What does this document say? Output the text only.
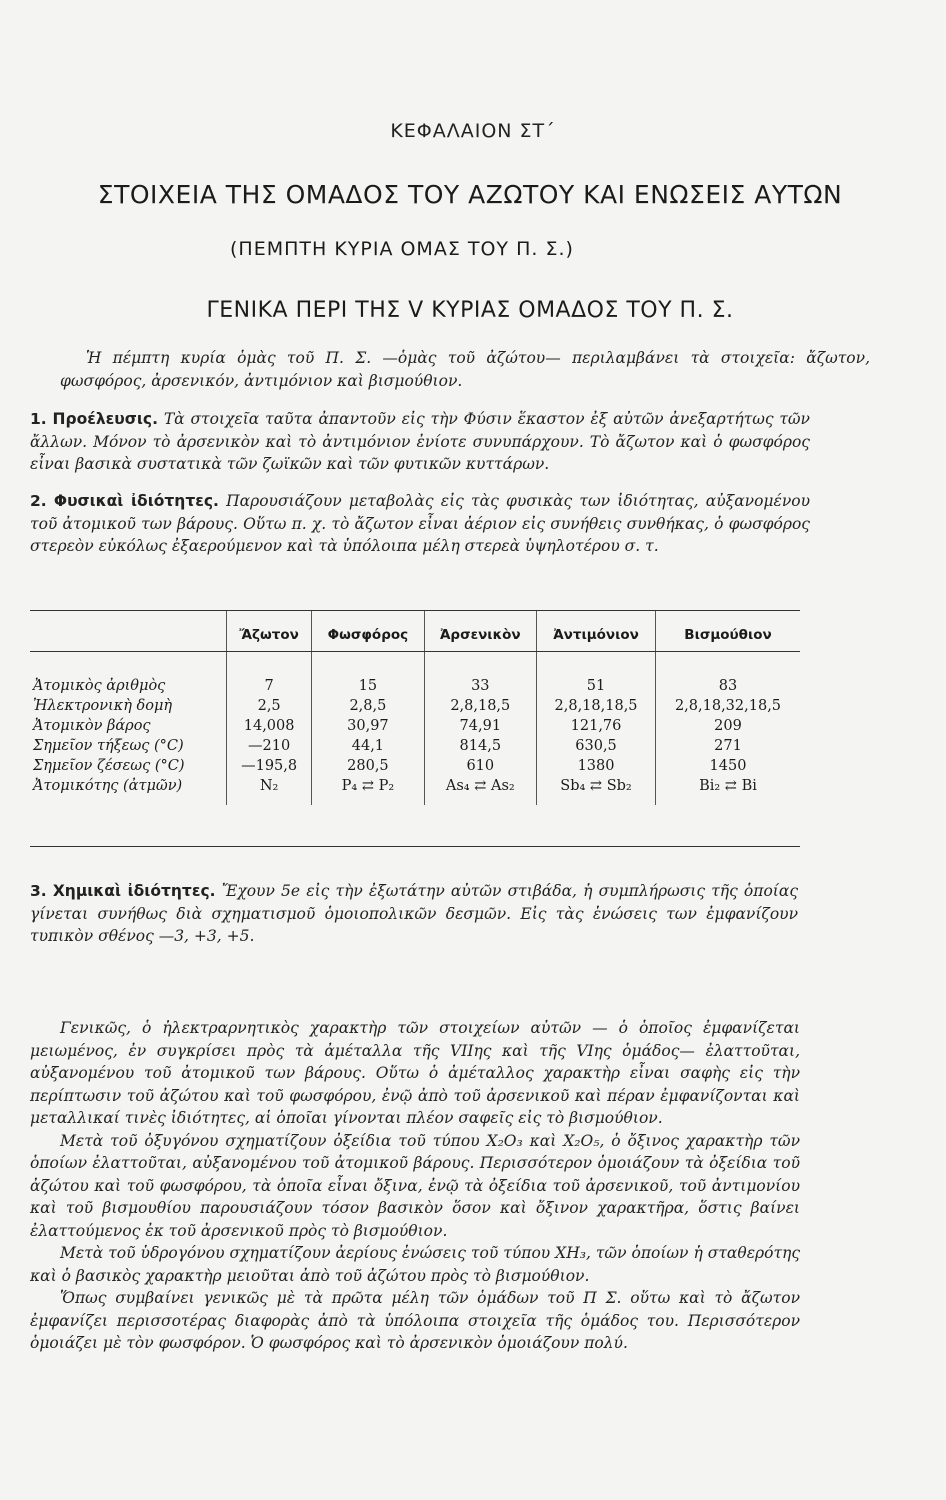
ΚΕΦΑΛΑΙΟΝ ΣΤ΄
ΣΤΟΙΧΕΙΑ ΤΗΣ ΟΜΑΔΟΣ ΤΟΥ ΑΖΩΤΟΥ ΚΑΙ ΕΝΩΣΕΙΣ ΑΥΤΩΝ
(ΠΕΜΠΤΗ ΚΥΡΙΑ ΟΜΑΣ ΤΟΥ Π. Σ.)
ΓΕΝΙΚΑ ΠΕΡΙ ΤΗΣ V ΚΥΡΙΑΣ ΟΜΑΔΟΣ ΤΟΥ Π. Σ.

Ἡ πέμπτη κυρία ὁμὰς τοῦ Π. Σ. —ὁμὰς τοῦ ἀζώτου— περιλαμβάνει τὰ στοιχεῖα: ἄζωτον, φωσφόρος, ἀρσενικόν, ἀντιμόνιον καὶ βισμούθιον.

1. Προέλευσις. Τὰ στοιχεῖα ταῦτα ἀπαντοῦν εἰς τὴν Φύσιν ἕκαστον ἐξ αὐτῶν ἀνεξαρτήτως τῶν ἄλλων. Μόνον τὸ ἀρσενικὸν καὶ τὸ ἀντιμόνιον ἐνίοτε συνυπάρχουν. Τὸ ἄζωτον καὶ ὁ φωσφόρος εἶναι βασικὰ συστατικὰ τῶν ζωϊκῶν καὶ τῶν φυτικῶν κυττάρων.

2. Φυσικαὶ ἰδιότητες. Παρουσιάζουν μεταβολὰς εἰς τὰς φυσικὰς των ἰδιότητας, αὐξανομένου τοῦ ἀτομικοῦ των βάρους. Οὕτω π. χ. τὸ ἄζωτον εἶναι ἀέριον εἰς συνήθεις συνθήκας, ὁ φωσφόρος στερεὸν εὐκόλως ἐξαερούμενον καὶ τὰ ὑπόλοιπα μέλη στερεὰ ὑψηλοτέρου σ. τ.

	Ἄζωτον	Φωσφόρος	Ἀρσενικὸν	Ἀντιμόνιον	Βισμούθιον

Ἀτομικὸς ἀριθμὸς	7	15	33	51	83
Ἠλεκτρονικὴ δομὴ	2,5	2,8,5	2,8,18,5	2,8,18,18,5	2,8,18,32,18,5
Ἀτομικὸν βάρος	14,008	30,97	74,91	121,76	209
Σημεῖον τήξεως (°C)	—210	44,1	814,5	630,5	271
Σημεῖον ζέσεως (°C)	—195,8	280,5	610	1380	1450
Ἀτομικότης (ἀτμῶν)	N₂	P₄ ⇄ P₂	As₄ ⇄ As₂	Sb₄ ⇄ Sb₂	Bi₂ ⇄ Bi

3. Χημικαὶ ἰδιότητες. Ἔχουν 5e εἰς τὴν ἐξωτάτην αὐτῶν στιβάδα, ἡ συμπλήρωσις τῆς ὁποίας γίνεται συνήθως διὰ σχηματισμοῦ ὁμοιοπολικῶν δεσμῶν. Εἰς τὰς ἑνώσεις των ἐμφανίζουν τυπικὸν σθένος —3, +3, +5.

Γενικῶς, ὁ ἠλεκτραρνητικὸς χαρακτὴρ τῶν στοιχείων αὐτῶν — ὁ ὁποῖος ἐμφανίζεται μειωμένος, ἐν συγκρίσει πρὸς τὰ ἀμέταλλα τῆς VIIης καὶ τῆς VIης ὁμάδος— ἐλαττοῦται, αὐξανομένου τοῦ ἀτομικοῦ των βάρους. Οὕτω ὁ ἀμέταλλος χαρακτὴρ εἶναι σαφὴς εἰς τὴν περίπτωσιν τοῦ ἀζώτου καὶ τοῦ φωσφόρου, ἐνῷ ἀπὸ τοῦ ἀρσενικοῦ καὶ πέραν ἐμφανίζονται καὶ μεταλλικαί τινὲς ἰδιότητες, αἱ ὁποῖαι γίνονται πλέον σαφεῖς εἰς τὸ βισμούθιον.

Μετὰ τοῦ ὀξυγόνου σχηματίζουν ὀξείδια τοῦ τύπου X₂O₃ καὶ X₂O₅, ὁ ὄξινος χαρακτὴρ τῶν ὁποίων ἐλαττοῦται, αὐξανομένου τοῦ ἀτομικοῦ βάρους. Περισσότερον ὁμοιάζουν τὰ ὀξείδια τοῦ ἀζώτου καὶ τοῦ φωσφόρου, τὰ ὁποῖα εἶναι ὄξινα, ἐνῷ τὰ ὀξείδια τοῦ ἀρσενικοῦ, τοῦ ἀντιμονίου καὶ τοῦ βισμουθίου παρουσιάζουν τόσον βασικὸν ὅσον καὶ ὄξινον χαρακτῆρα, ὅστις βαίνει ἐλαττούμενος ἐκ τοῦ ἀρσενικοῦ πρὸς τὸ βισμούθιον.

Μετὰ τοῦ ὑδρογόνου σχηματίζουν ἀερίους ἑνώσεις τοῦ τύπου XH₃, τῶν ὁποίων ἡ σταθερότης καὶ ὁ βασικὸς χαρακτὴρ μειοῦται ἀπὸ τοῦ ἀζώτου πρὸς τὸ βισμούθιον.

Ὅπως συμβαίνει γενικῶς μὲ τὰ πρῶτα μέλη τῶν ὁμάδων τοῦ Π Σ. οὕτω καὶ τὸ ἄζωτον ἐμφανίζει περισσοτέρας διαφορὰς ἀπὸ τὰ ὑπόλοιπα στοιχεῖα τῆς ὁμάδος του. Περισσότερον ὁμοιάζει μὲ τὸν φωσφόρον. Ὁ φωσφόρος καὶ τὸ ἀρσενικὸν ὁμοιάζουν πολύ.
